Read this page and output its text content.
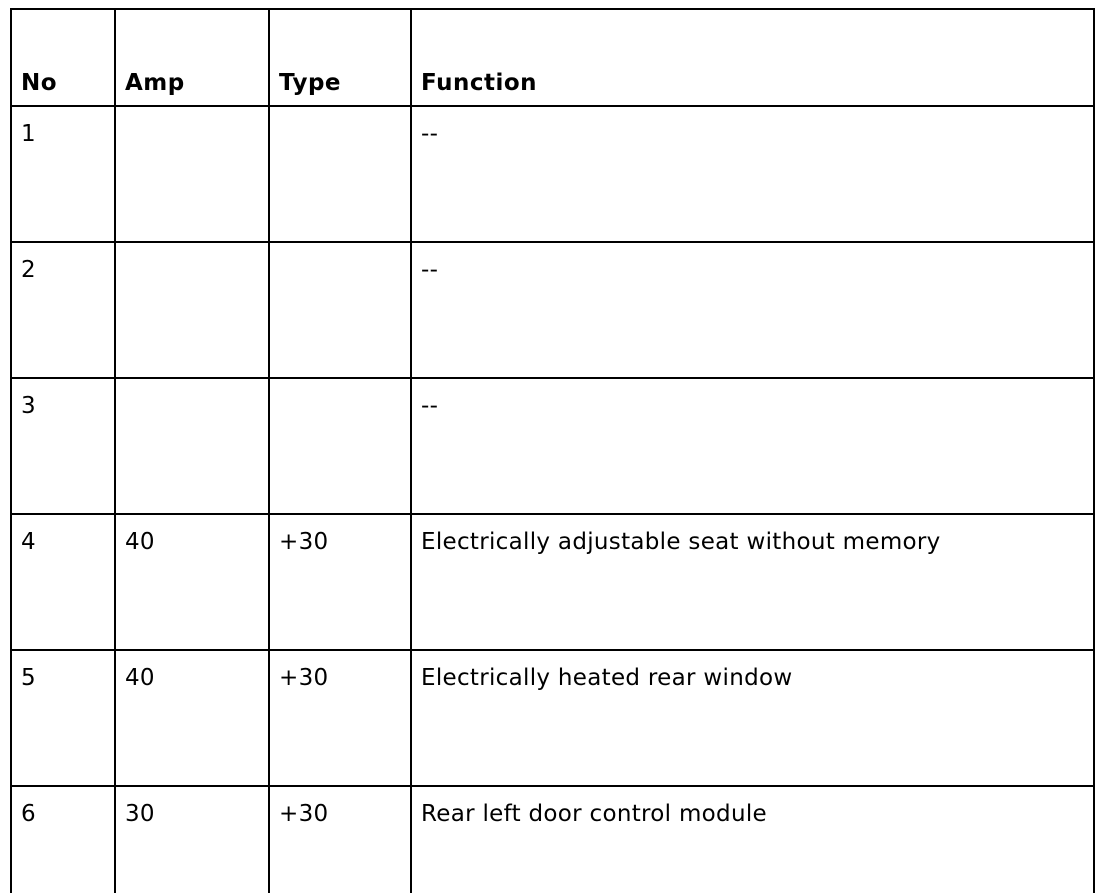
No	Amp	Type	Function
1			--
2			--
3			--
4	40	+30	Electrically adjustable seat without memory
5	40	+30	Electrically heated rear window
6	30	+30	Rear left door control module
